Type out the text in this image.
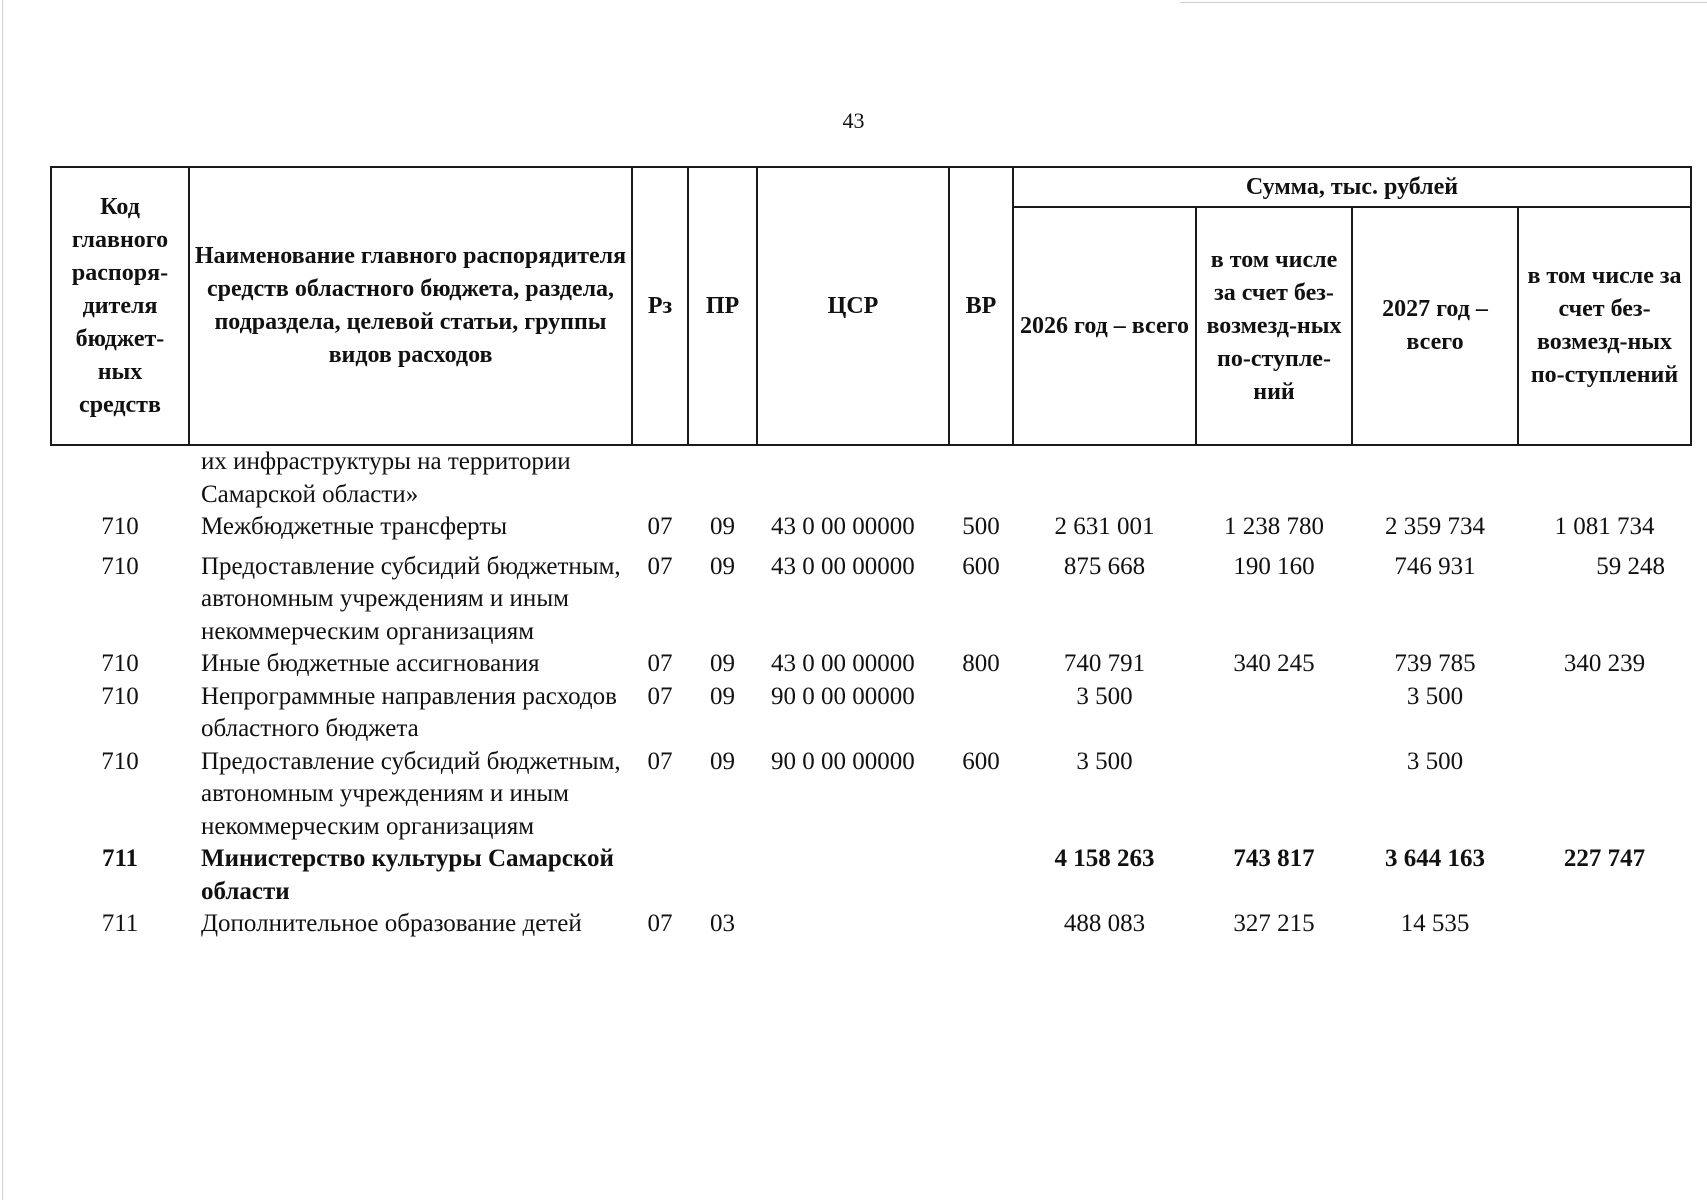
43
Код главного распоря-дителя бюджет-ных средств	Наименование главного распорядителя средств областного бюджета, раздела, подраздела, целевой статьи, группы видов расходов	Рз	ПР	ЦСР	ВР	Сумма, тыс. рублей			
						2026 год – всего	в том числе за счет без-возмезд-ных по-ступле-ний	2027 год – всего	в том числе за счет без-возмезд-ных по-ступлений
	их инфраструктуры на территории Самарской области»								
710	Межбюджетные трансферты	07	09	43 0 00 00000	500	2 631 001	1 238 780	2 359 734	1 081 734
710	Предоставление субсидий бюджетным, автономным учреждениям и иным некоммерческим организациям	07	09	43 0 00 00000	600	875 668	190 160	746 931	59 248
710	Иные бюджетные ассигнования	07	09	43 0 00 00000	800	740 791	340 245	739 785	340 239
710	Непрограммные направления расходов областного бюджета	07	09	90 0 00 00000		3 500		3 500	
710	Предоставление субсидий бюджетным, автономным учреждениям и иным некоммерческим организациям	07	09	90 0 00 00000	600	3 500		3 500	
711	Министерство культуры Самарской области					4 158 263	743 817	3 644 163	227 747
711	Дополнительное образование детей	07	03			488 083	327 215	14 535	
